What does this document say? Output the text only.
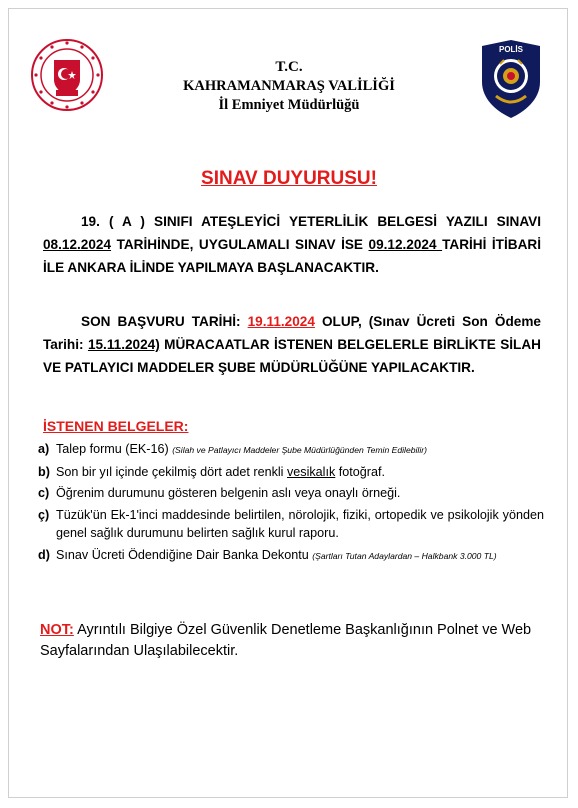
T.C.
KAHRAMANMARAŞ VALİLİĞİ
İl Emniyet Müdürlüğü
POLİS
SINAV DUYURUSU!
19. ( A ) SINIFI ATEŞLEYİCİ YETERLİLİK BELGESİ YAZILI SINAVI 08.12.2024 TARİHİNDE, UYGULAMALI SINAV İSE 09.12.2024 TARİHİ İTİBARİ İLE ANKARA İLİNDE YAPILMAYA BAŞLANACAKTIR.
SON BAŞVURU TARİHİ: 19.11.2024 OLUP, (Sınav Ücreti Son Ödeme Tarihi: 15.11.2024) MÜRACAATLAR İSTENEN BELGELERLE BİRLİKTE SİLAH VE PATLAYICI MADDELER ŞUBE MÜDÜRLÜĞÜNE YAPILACAKTIR.
İSTENEN BELGELER:
a) Talep formu (EK-16) (Silah ve Patlayıcı Maddeler Şube Müdürlüğünden Temin Edilebilir)
b) Son bir yıl içinde çekilmiş dört adet renkli vesikalık fotoğraf.
c) Öğrenim durumunu gösteren belgenin aslı veya onaylı örneği.
ç) Tüzük'ün Ek-1'inci maddesinde belirtilen, nörolojik, fiziki, ortopedik ve psikolojik yönden genel sağlık durumunu belirten sağlık kurul raporu.
d) Sınav Ücreti Ödendiğine Dair Banka Dekontu (Şartları Tutan Adaylardan – Halkbank 3.000 TL)
NOT: Ayrıntılı Bilgiye Özel Güvenlik Denetleme Başkanlığının Polnet ve Web Sayfalarından Ulaşılabilecektir.
